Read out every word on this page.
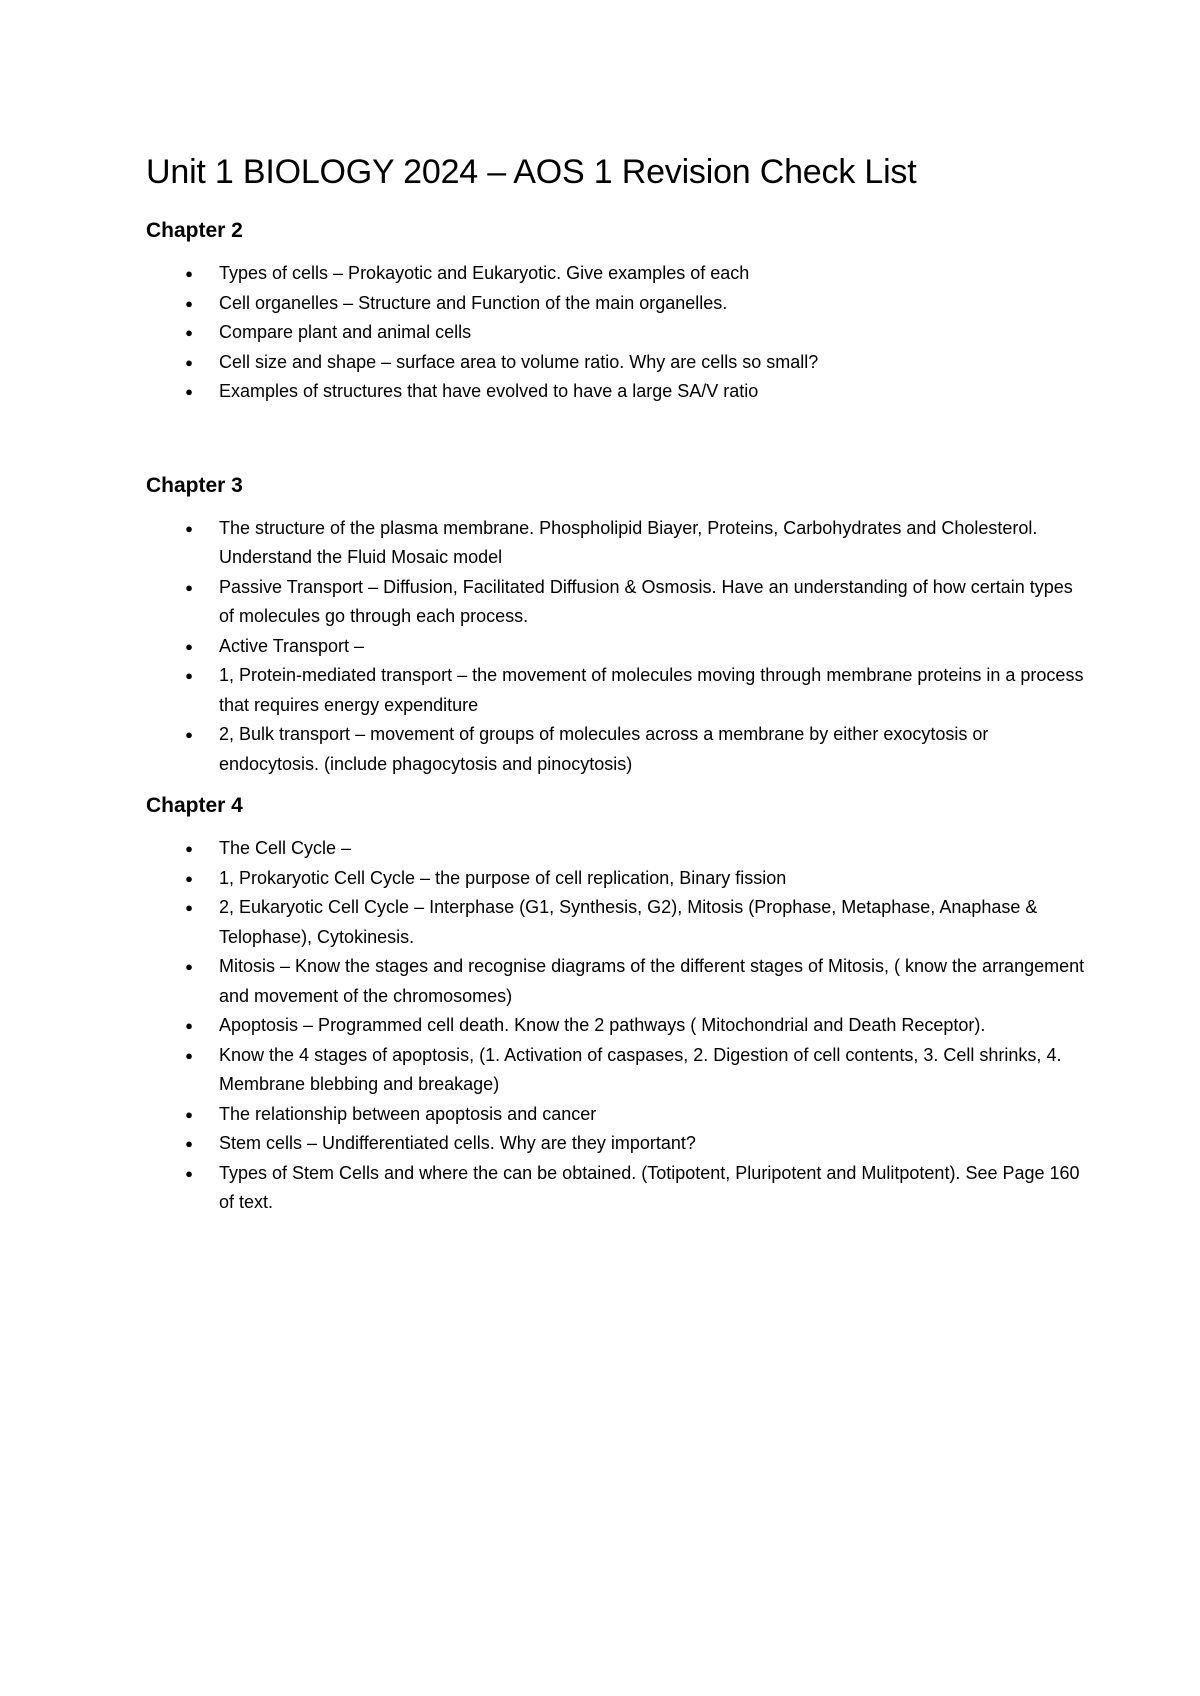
Unit 1 BIOLOGY 2024 – AOS 1 Revision Check List
Chapter 2
● Types of cells – Prokayotic and Eukaryotic. Give examples of each
● Cell organelles – Structure and Function of the main organelles.
● Compare plant and animal cells
● Cell size and shape – surface area to volume ratio. Why are cells so small?
● Examples of structures that have evolved to have a large SA/V ratio
Chapter 3
● The structure of the plasma membrane. Phospholipid Biayer, Proteins, Carbohydrates and Cholesterol. Understand the Fluid Mosaic model
● Passive Transport – Diffusion, Facilitated Diffusion & Osmosis. Have an understanding of how certain types of molecules go through each process.
● Active Transport –
● 1, Protein-mediated transport – the movement of molecules moving through membrane proteins in a process that requires energy expenditure
● 2, Bulk transport – movement of groups of molecules across a membrane by either exocytosis or endocytosis. (include phagocytosis and pinocytosis)
Chapter 4
● The Cell Cycle –
● 1, Prokaryotic Cell Cycle – the purpose of cell replication, Binary fission
● 2, Eukaryotic Cell Cycle – Interphase (G1, Synthesis, G2), Mitosis (Prophase, Metaphase, Anaphase & Telophase), Cytokinesis.
● Mitosis – Know the stages and recognise diagrams of the different stages of Mitosis, ( know the arrangement and movement of the chromosomes)
● Apoptosis – Programmed cell death. Know the 2 pathways ( Mitochondrial and Death Receptor).
● Know the 4 stages of apoptosis, (1. Activation of caspases, 2. Digestion of cell contents, 3. Cell shrinks, 4. Membrane blebbing and breakage)
● The relationship between apoptosis and cancer
● Stem cells – Undifferentiated cells. Why are they important?
● Types of Stem Cells and where the can be obtained. (Totipotent, Pluripotent and Mulitpotent). See Page 160 of text.
